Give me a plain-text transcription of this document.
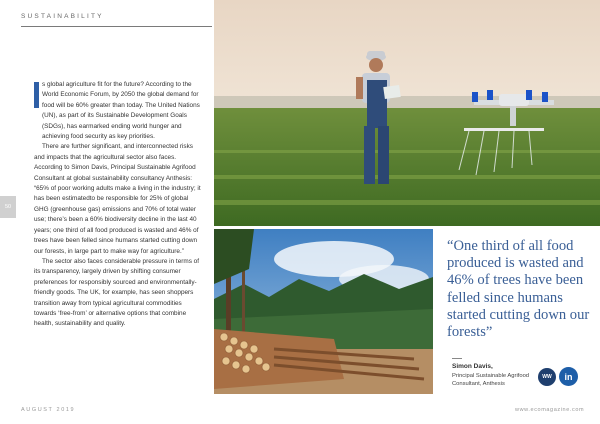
SUSTAINABILITY
50

s global agriculture fit for the future? According to the World Economic Forum, by 2050 the global demand for food will be 60% greater than today. The United Nations (UN), as part of its Sustainable Development Goals (SDGs), has earmarked ending world hunger and achieving food security as key priorities.

There are further significant, and interconnected risks and impacts that the agricultural sector also faces. According to Simon Davis, Principal Sustainable Agrifood Consultant at global sustainability consultancy Anthesis: “65% of poor working adults make a living in the industry; it has been estimatedto be responsible for 25% of global GHG (greenhouse gas) emissions and 70% of total water use; there’s been a 60% biodiversity decline in the last 40 years; one third of all food produced is wasted and 46% of trees have been felled since humans started cutting down our forests, in large part to make way for agriculture.”

The sector also faces considerable pressure in terms of its transparency, largely driven by shifting consumer preferences for responsibly sourced and environmentally-friendly goods. The UK, for example, has seen shoppers transition away from typical agricultural commodities towards ‘free-from’ or alternative options that combine health, sustainability and quality.

“One third of all food produced is wasted and 46% of trees have been felled since humans started cutting down our forests”
Simon Davis,
Principal Sustainable Agrifood Consultant, Anthesis
WW	in
AUGUST 2019	www.ecomagazine.com
